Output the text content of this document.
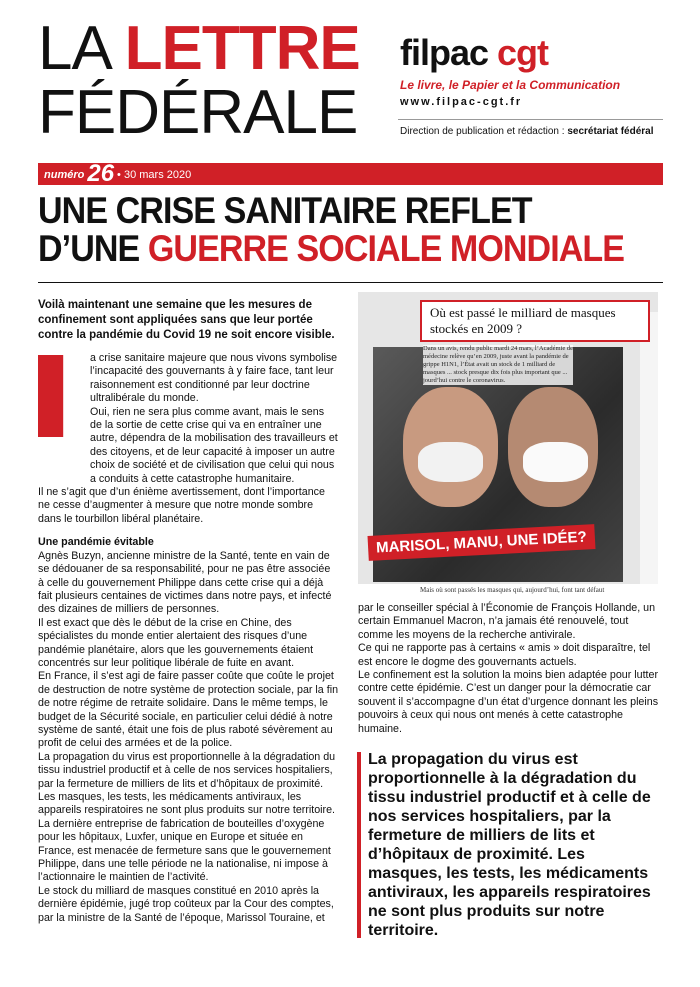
LA LETTRE
FÉDÉRALE
filpac cgt
Le livre, le Papier et la Communication
www.filpac-cgt.fr
Direction de publication et rédaction : secrétariat fédéral
numéro 26 • 30 mars 2020
UNE CRISE SANITAIRE REFLET
D’UNE GUERRE SOCIALE MONDIALE
Voilà maintenant une semaine que les mesures de confinement sont appliquées sans que leur portée contre la pandémie du Covid 19 ne soit encore visible.

a crise sanitaire majeure que nous vivons symbolise l’incapacité des gouvernants à y faire face, tant leur raisonnement est conditionné par leur doctrine ultralibérale du monde.

Oui, rien ne sera plus comme avant, mais le sens de la sortie de cette crise qui va en entraîner une autre, dépendra de la mobilisation des travailleurs et des citoyens, et de leur capacité à imposer un autre choix de société et de civilisation que celui qui nous a conduits à cette catastrophe humanitaire.

Il ne s’agit que d’un énième avertissement, dont l’importance ne cesse d’augmenter à mesure que notre monde sombre dans le tourbillon libéral planétaire.

Une pandémie évitable

Agnès Buzyn, ancienne ministre de la Santé, tente en vain de se dédouaner de sa responsabilité, pour ne pas être associée à celle du gouvernement Philippe dans cette crise qui a déjà fait plusieurs centaines de victimes dans notre pays, et infecté des dizaines de milliers de personnes.

Il est exact que dès le début de la crise en Chine, des spécialistes du monde entier alertaient des risques d’une pandémie planétaire, alors que les gouvernements étaient concentrés sur leur politique libérale de fuite en avant.

En France, il s’est agi de faire passer coûte que coûte le projet de destruction de notre système de protection sociale, par la fin de notre régime de retraite solidaire. Dans le même temps, le budget de la Sécurité sociale, en particulier celui dédié à notre système de santé, était une fois de plus raboté sévèrement au profit de celui des armées et de la police.

La propagation du virus est proportionnelle à la dégradation du tissu industriel productif et à celle de nos services hospitaliers, par la fermeture de milliers de lits et d’hôpitaux de proximité.

Les masques, les tests, les médicaments antiviraux, les appareils respiratoires ne sont plus produits sur notre territoire. La dernière entreprise de fabrication de bouteilles d’oxygène pour les hôpitaux, Luxfer, unique en Europe et située en France, est menacée de fermeture sans que le gouvernement Philippe, dans une telle période ne la nationalise, ni impose à l’actionnaire le maintien de l’activité.

Le stock du milliard de masques constitué en 2010 après la dernière épidémie, jugé trop coûteux par la Cour des comptes, par la ministre de la Santé de l’époque, Marissol Touraine, et

Où est passé le milliard de masques stockés en 2009 ?
Dans un avis, rendu public mardi 24 mars, l’Académie de médecine relève qu’en 2009, juste avant la pandémie de grippe H1N1, l’État avait un stock de 1 milliard de masques ... stock presque dix fois plus important que ... jourd’hui contre le coronavirus.
MARISOL, MANU, UNE IDÉE?
Mais où sont passés les masques qui, aujourd’hui, font tant défaut

par le conseiller spécial à l’Économie de François Hollande, un certain Emmanuel Macron, n’a jamais été renouvelé, tout comme les moyens de la recherche antivirale.

Ce qui ne rapporte pas à certains « amis » doit disparaître, tel est encore le dogme des gouvernants actuels.

Le confinement est la solution la moins bien adaptée pour lutter contre cette épidémie. C’est un danger pour la démocratie car souvent il s’accompagne d’un état d’urgence donnant les pleins pouvoirs à ceux qui nous ont menés à cette catastrophe humaine.

La propagation du virus est proportionnelle à la dégradation du tissu industriel productif et à celle de nos services hospitaliers, par la fermeture de milliers de lits et d’hôpitaux de proximité. Les masques, les tests, les médicaments antiviraux, les appareils respiratoires ne sont plus produits sur notre territoire.
